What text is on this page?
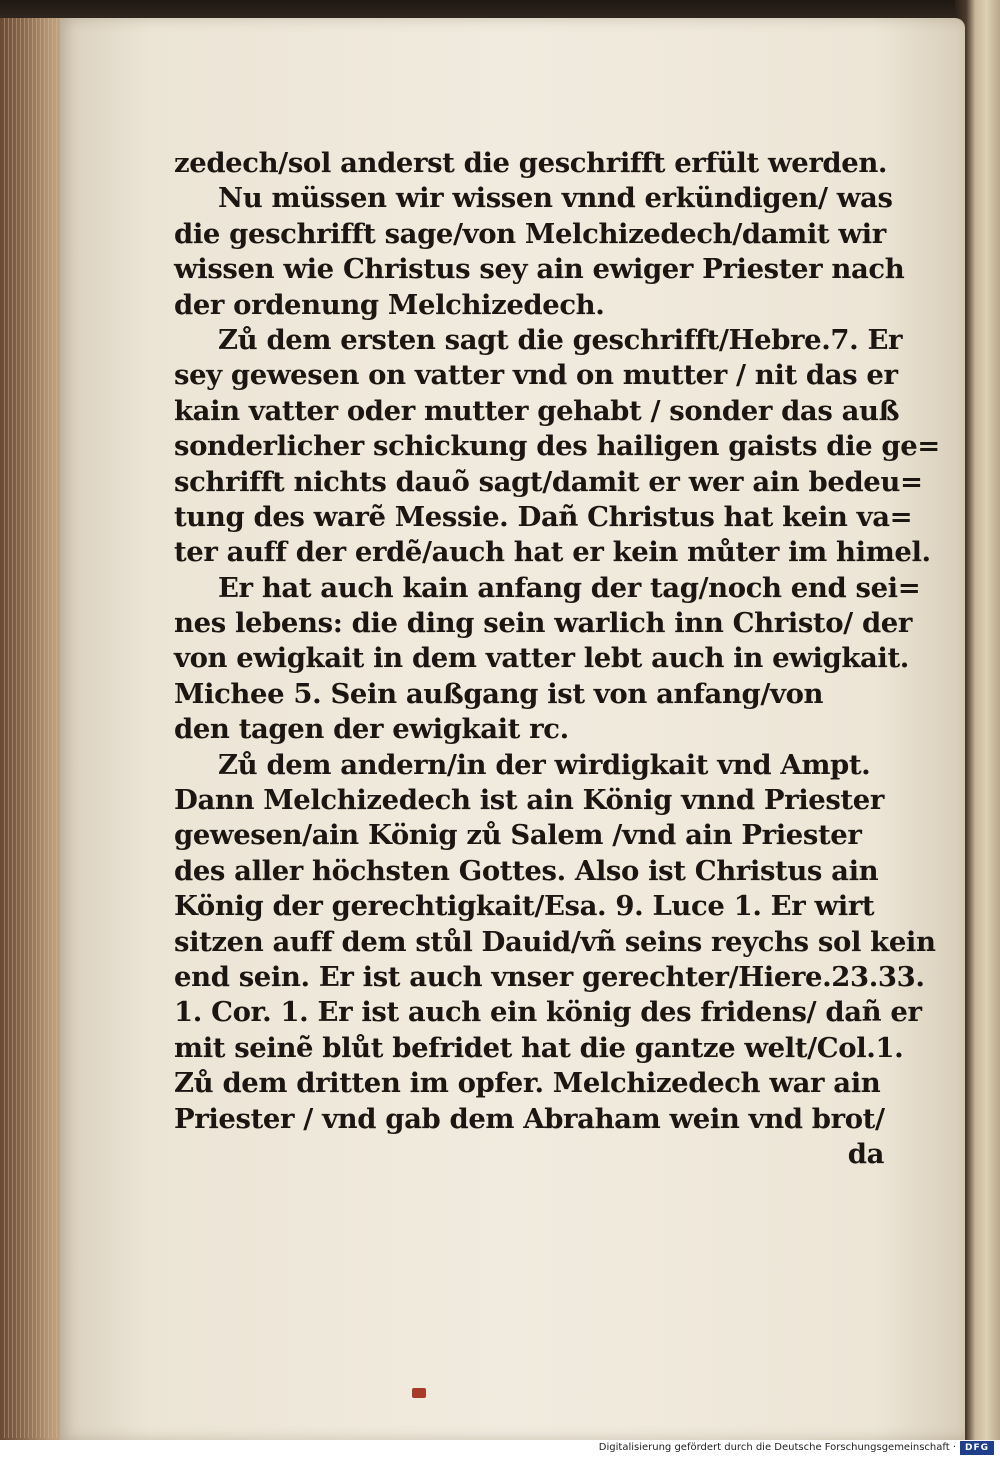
zedech/sol anderst die geschrifft erfült werden.
Nu müssen wir wissen vnnd erkündigen/ was
die geschrifft sage/von Melchizedech/damit wir
wissen wie Christus sey ain ewiger Priester nach
der ordenung Melchizedech.
Zů dem ersten sagt die geschrifft/Hebre.7. Er
sey gewesen on vatter vnd on mutter / nit das er
kain vatter oder mutter gehabt / sonder das auß
sonderlicher schickung des hailigen gaists die ge=
schrifft nichts dauõ sagt/damit er wer ain bedeu=
tung des warẽ Messie. Dañ Christus hat kein va=
ter auff der erdẽ/auch hat er kein můter im himel.
Er hat auch kain anfang der tag/noch end sei=
nes lebens: die ding sein warlich inn Christo/ der
von ewigkait in dem vatter lebt auch in ewigkait.
Michee 5. Sein außgang ist von anfang/von
den tagen der ewigkait rc.
Zů dem andern/in der wirdigkait vnd Ampt.
Dann Melchizedech ist ain König vnnd Priester
gewesen/ain König zů Salem /vnd ain Priester
des aller höchsten Gottes. Also ist Christus ain
König der gerechtigkait/Esa. 9. Luce 1. Er wirt
sitzen auff dem stůl Dauid/vñ seins reychs sol kein
end sein. Er ist auch vnser gerechter/Hiere.23.33.
1. Cor. 1. Er ist auch ein könig des fridens/ dañ er
mit seinẽ blůt befridet hat die gantze welt/Col.1.
Zů dem dritten im opfer. Melchizedech war ain
Priester / vnd gab dem Abraham wein vnd brot/
da
Digitalisierung gefördert durch die Deutsche Forschungsgemeinschaft · DFG
